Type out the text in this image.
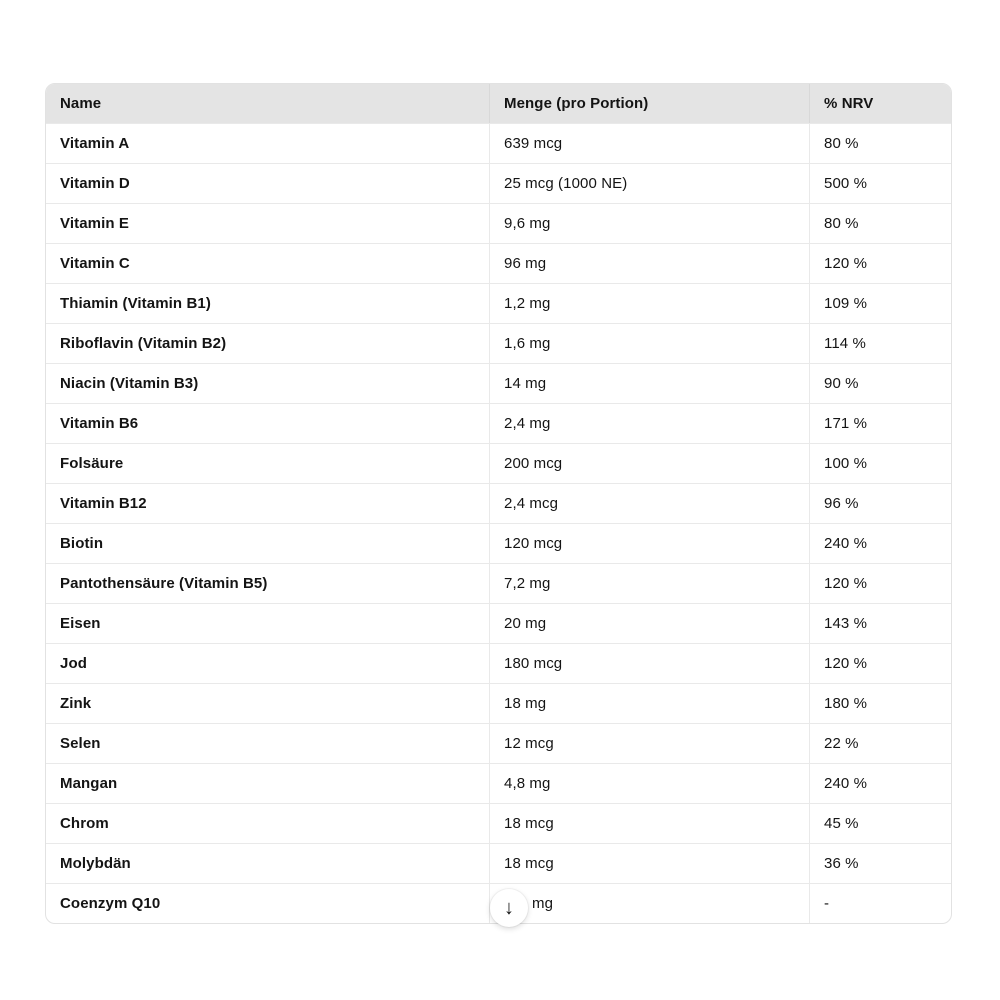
Name	Menge (pro Portion)	% NRV
Vitamin A	639 mcg	80 %
Vitamin D	25 mcg (1000 NE)	500 %
Vitamin E	9,6 mg	80 %
Vitamin C	96 mg	120 %
Thiamin (Vitamin B1)	1,2 mg	109 %
Riboflavin (Vitamin B2)	1,6 mg	114 %
Niacin (Vitamin B3)	14 mg	90 %
Vitamin B6	2,4 mg	171 %
Folsäure	200 mcg	100 %
Vitamin B12	2,4 mcg	96 %
Biotin	120 mcg	240 %
Pantothensäure (Vitamin B5)	7,2 mg	120 %
Eisen	20 mg	143 %
Jod	180 mcg	120 %
Zink	18 mg	180 %
Selen	12 mcg	22 %
Mangan	4,8 mg	240 %
Chrom	18 mcg	45 %
Molybdän	18 mcg	36 %
Coenzym Q10	mg	-
↓
